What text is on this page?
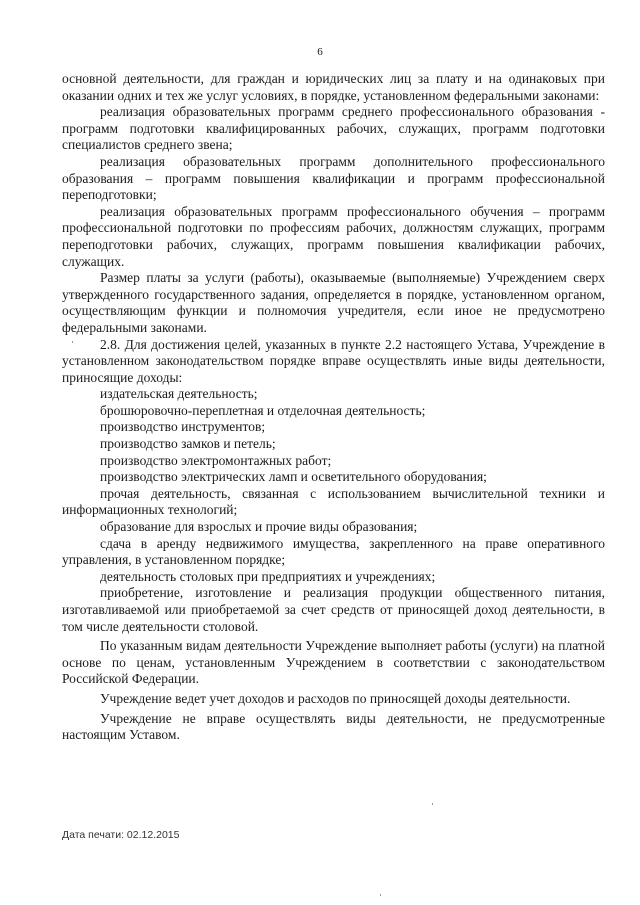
6

основной деятельности, для граждан и юридических лиц за плату и на одинаковых при оказании одних и тех же услуг условиях, в порядке, установленном федеральными законами:

реализация образовательных программ среднего профессионального образования - программ подготовки квалифицированных рабочих, служащих, программ подготовки специалистов среднего звена;

реализация образовательных программ дополнительного профессионального образования – программ повышения квалификации и программ профессиональной переподготовки;

реализация образовательных программ профессионального обучения – программ профессиональной подготовки по профессиям рабочих, должностям служащих, программ переподготовки рабочих, служащих, программ повышения квалификации рабочих, служащих.

Размер платы за услуги (работы), оказываемые (выполняемые) Учреждением сверх утвержденного государственного задания, определяется в порядке, установленном органом, осуществляющим функции и полномочия учредителя, если иное не предусмотрено федеральными законами.

2.8. Для достижения целей, указанных в пункте 2.2 настоящего Устава, Учреждение в установленном законодательством порядке вправе осуществлять иные виды деятельности, приносящие доходы:

издательская деятельность;

брошюровочно-переплетная и отделочная деятельность;

производство инструментов;

производство замков и петель;

производство электромонтажных работ;

производство электрических ламп и осветительного оборудования;

прочая деятельность, связанная с использованием вычислительной техники и информационных технологий;

образование для взрослых и прочие виды образования;

сдача в аренду недвижимого имущества, закрепленного на праве оперативного управления, в установленном порядке;

деятельность столовых при предприятиях и учреждениях;

приобретение, изготовление и реализация продукции общественного питания, изготавливаемой или приобретаемой за счет средств от приносящей доход деятельности, в том числе деятельности столовой.

По указанным видам деятельности Учреждение выполняет работы (услуги) на платной основе по ценам, установленным Учреждением в соответствии с законодательством Российской Федерации.

Учреждение ведет учет доходов и расходов по приносящей доходы деятельности.

Учреждение не вправе осуществлять виды деятельности, не предусмотренные настоящим Уставом.

Дата печати: 02.12.2015
